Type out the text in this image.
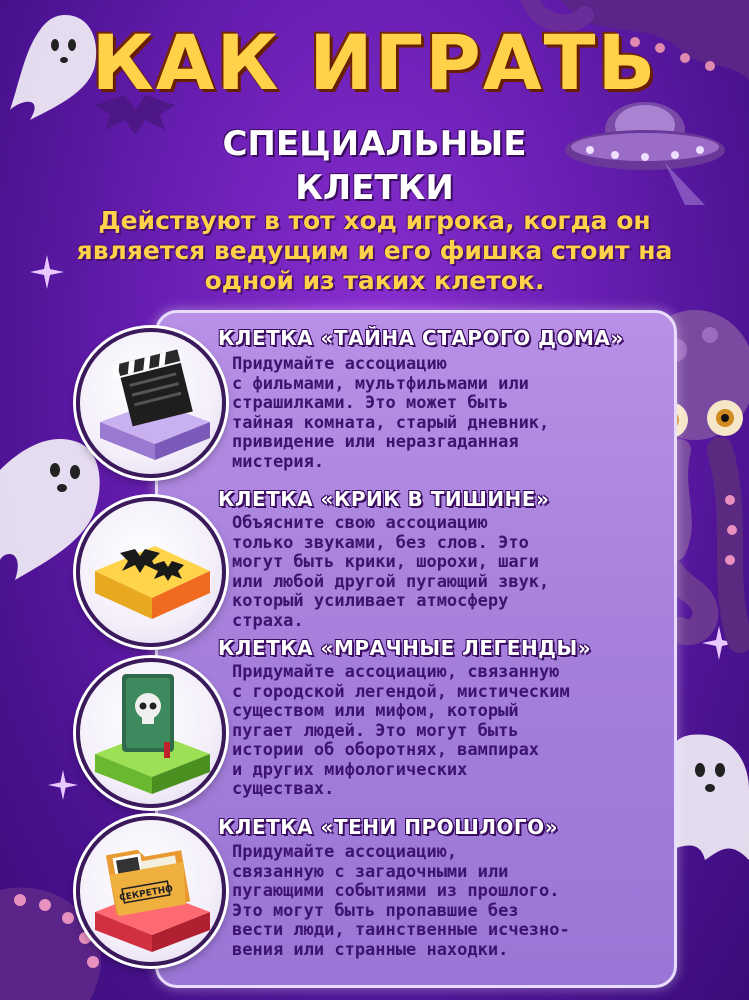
КАК ИГРАТЬ
СПЕЦИАЛЬНЫЕ
КЛЕТКИ
Действуют в тот ход игрока, когда он является ведущим и его фишка стоит на одной из таких клеток.
КЛЕТКА «ТАЙНА СТАРОГО ДОМА»
Придумайте ассоциацию
с фильмами, мультфильмами или
страшилками. Это может быть
тайная комната, старый дневник,
привидение или неразгаданная
мистерия.
КЛЕТКА «КРИК В ТИШИНЕ»
Объясните свою ассоциацию
только звуками, без слов. Это
могут быть крики, шорохи, шаги
или любой другой пугающий звук,
который усиливает атмосферу
страха.
КЛЕТКА «МРАЧНЫЕ ЛЕГЕНДЫ»
Придумайте ассоциацию, связанную
с городской легендой, мистическим
существом или мифом, который
пугает людей. Это могут быть
истории об оборотнях, вампирах
и других мифологических
существах.
СЕКРЕТНО
КЛЕТКА «ТЕНИ ПРОШЛОГО»
Придумайте ассоциацию,
связанную с загадочными или
пугающими событиями из прошлого.
Это могут быть пропавшие без
вести люди, таинственные исчезно-
вения или странные находки.
